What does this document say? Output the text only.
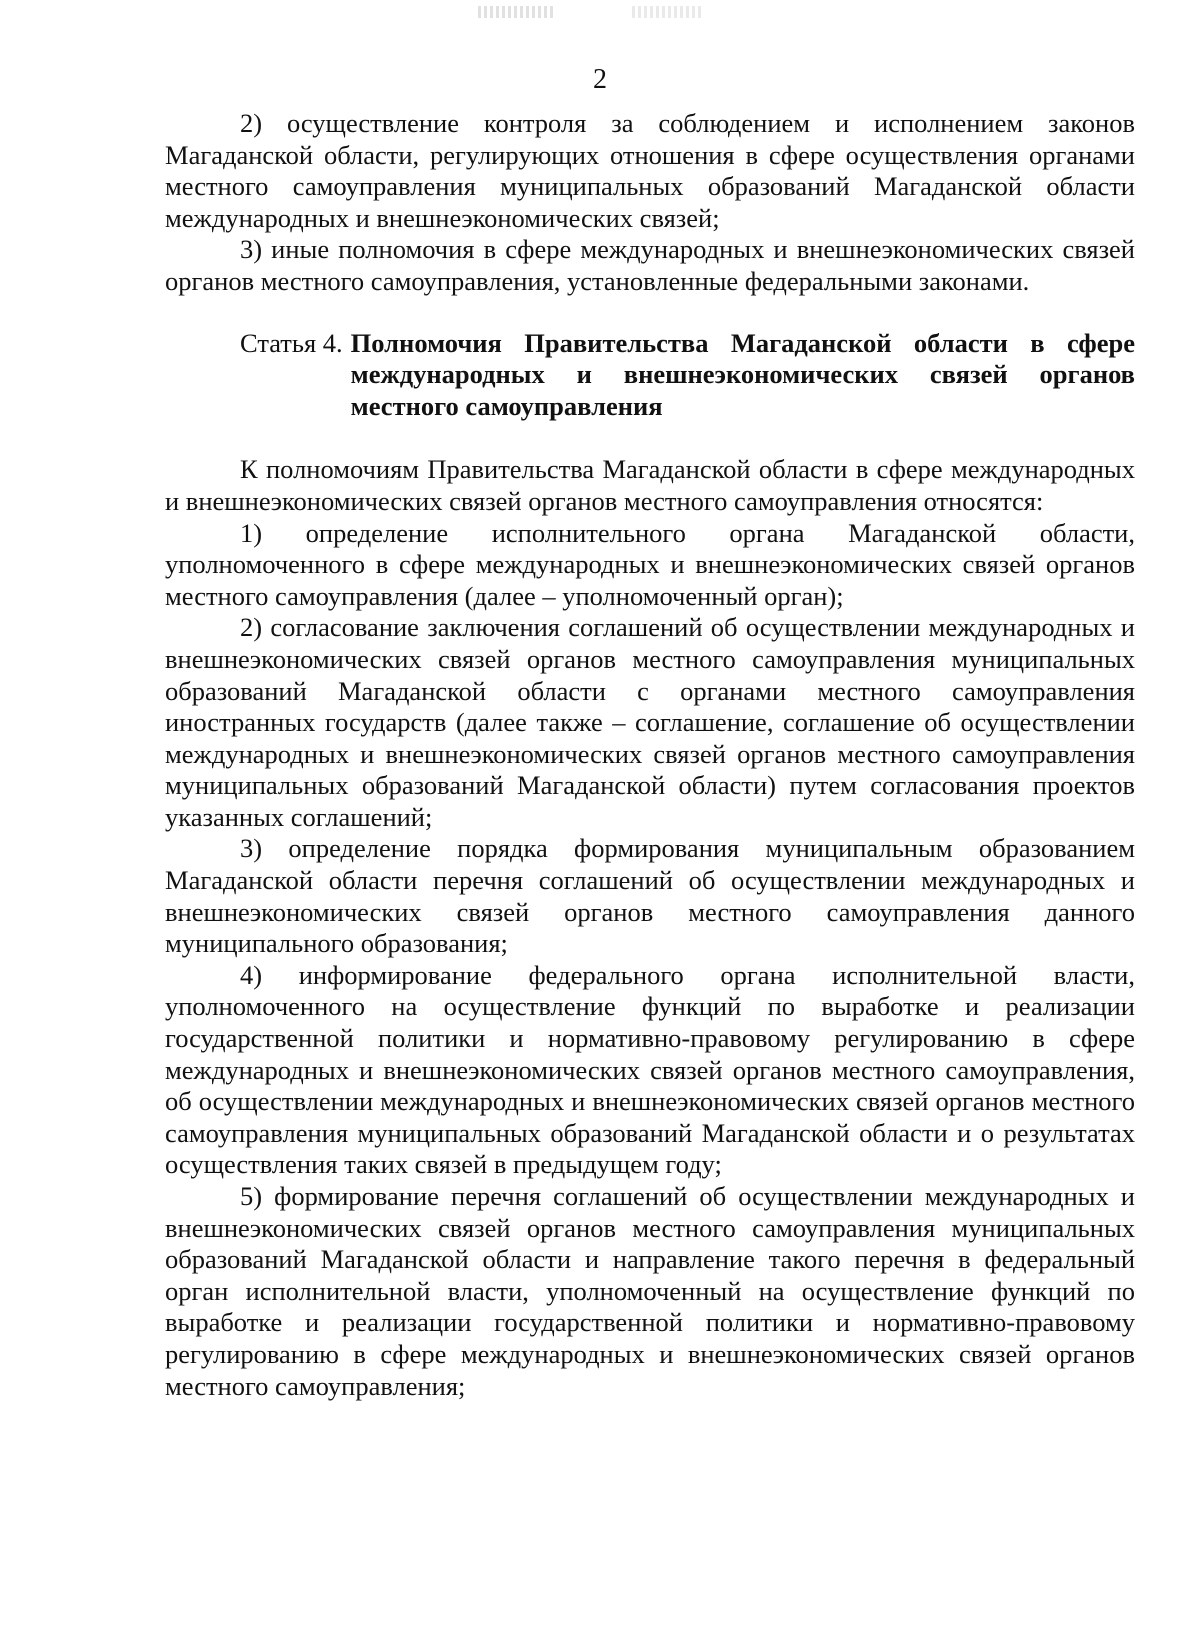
2

2) осуществление контроля за соблюдением и исполнением законов Магаданской области, регулирующих отношения в сфере осуществления органами местного самоуправления муниципальных образований Магаданской области международных и внешнеэкономических связей;

3) иные полномочия в сфере международных и внешнеэкономических связей органов местного самоуправления, установленные федеральными законами.

Статья 4. Полномочия Правительства Магаданской области в сфере международных и внешнеэкономических связей органов местного самоуправления

К полномочиям Правительства Магаданской области в сфере международных и внешнеэкономических связей органов местного самоуправления относятся:

1) определение исполнительного органа Магаданской области, уполномоченного в сфере международных и внешнеэкономических связей органов местного самоуправления (далее – уполномоченный орган);

2) согласование заключения соглашений об осуществлении международных и внешнеэкономических связей органов местного самоуправления муниципальных образований Магаданской области с органами местного самоуправления иностранных государств (далее также – соглашение, соглашение об осуществлении международных и внешнеэкономических связей органов местного самоуправления муниципальных образований Магаданской области) путем согласования проектов указанных соглашений;

3) определение порядка формирования муниципальным образованием Магаданской области перечня соглашений об осуществлении международных и внешнеэкономических связей органов местного самоуправления данного муниципального образования;

4) информирование федерального органа исполнительной власти, уполномоченного на осуществление функций по выработке и реализации государственной политики и нормативно-правовому регулированию в сфере международных и внешнеэкономических связей органов местного самоуправления, об осуществлении международных и внешнеэкономических связей органов местного самоуправления муниципальных образований Магаданской области и о результатах осуществления таких связей в предыдущем году;

5) формирование перечня соглашений об осуществлении международных и внешнеэкономических связей органов местного самоуправления муниципальных образований Магаданской области и направление такого перечня в федеральный орган исполнительной власти, уполномоченный на осуществление функций по выработке и реализации государственной политики и нормативно-правовому регулированию в сфере международных и внешнеэкономических связей органов местного самоуправления;
